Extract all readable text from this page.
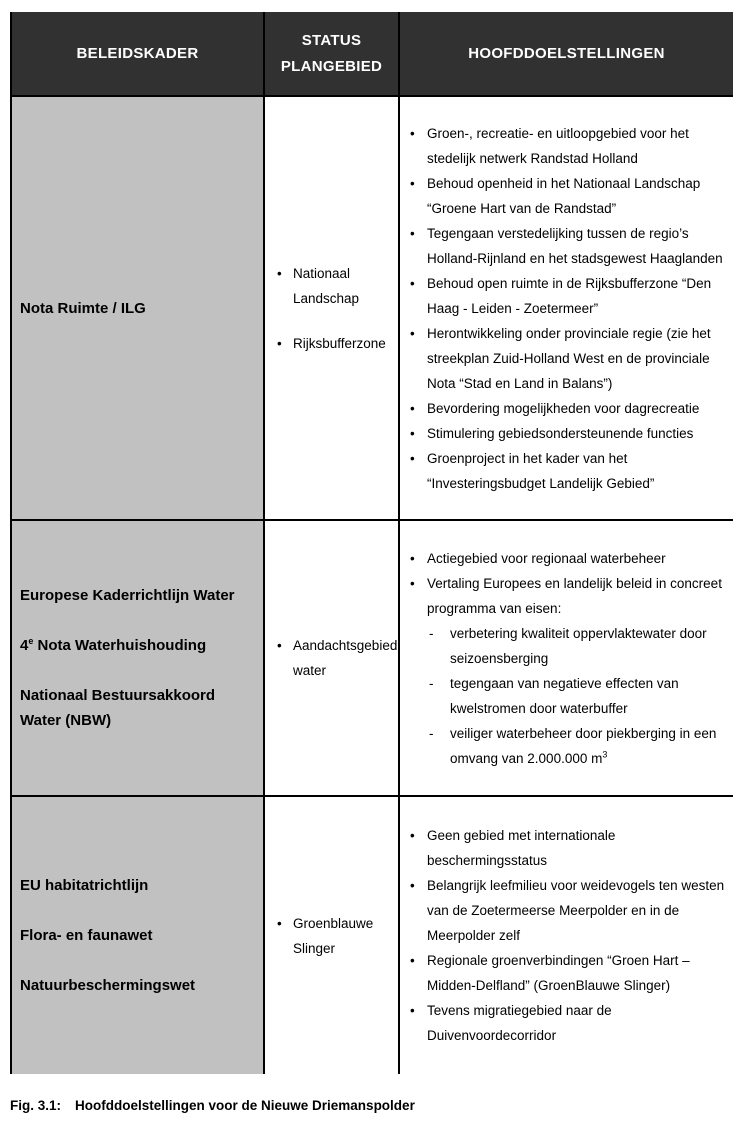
BELEIDSKADER
STATUS PLANGEBIED
HOOFDDOELSTELLINGEN

Nota Ruimte / ILG

•
Nationaal Landschap
•
Rijksbufferzone
•
Groen-, recreatie- en uitloopgebied voor het stedelijk netwerk Randstad Holland
•
Behoud openheid in het Nationaal Landschap “Groene Hart van de Randstad”
•
Tegengaan verstedelijking tussen de regio’s Holland-Rijnland en het stadsgewest Haaglanden
•
Behoud open ruimte in de Rijksbufferzone “Den Haag - Leiden - Zoetermeer”
•
Herontwikkeling onder provinciale regie (zie het streekplan Zuid-Holland West en de provinciale Nota “Stad en Land in Balans”)
•
Bevordering mogelijkheden voor dagrecreatie
•
Stimulering gebiedsondersteunende functies
•
Groenproject in het kader van het “Investeringsbudget Landelijk Gebied”

Europese Kaderrichtlijn Water

4e Nota Waterhuishouding

Nationaal Bestuursakkoord Water (NBW)

•
Aandachtsgebied water
•
Actiegebied voor regionaal waterbeheer
•
Vertaling Europees en landelijk beleid in concreet programma van eisen:
-
verbetering kwaliteit oppervlaktewater door seizoensberging
-
tegengaan van negatieve effecten van kwelstromen door waterbuffer
-
veiliger waterbeheer door piekberging in een omvang van 2.000.000 $m^3$

EU habitatrichtlijn

Flora- en faunawet

Natuurbeschermingswet

•
Groenblauwe Slinger
•
Geen gebied met internationale beschermingsstatus
•
Belangrijk leefmilieu voor weidevogels ten westen van de Zoetermeerse Meerpolder en in de Meerpolder zelf
•
Regionale groenverbindingen “Groen Hart – Midden-Delfland” (GroenBlauwe Slinger)
•
Tevens migratiegebied naar de Duivenvoordecorridor

Fig. 3.1: Hoofddoelstellingen voor de Nieuwe Driemanspolder
